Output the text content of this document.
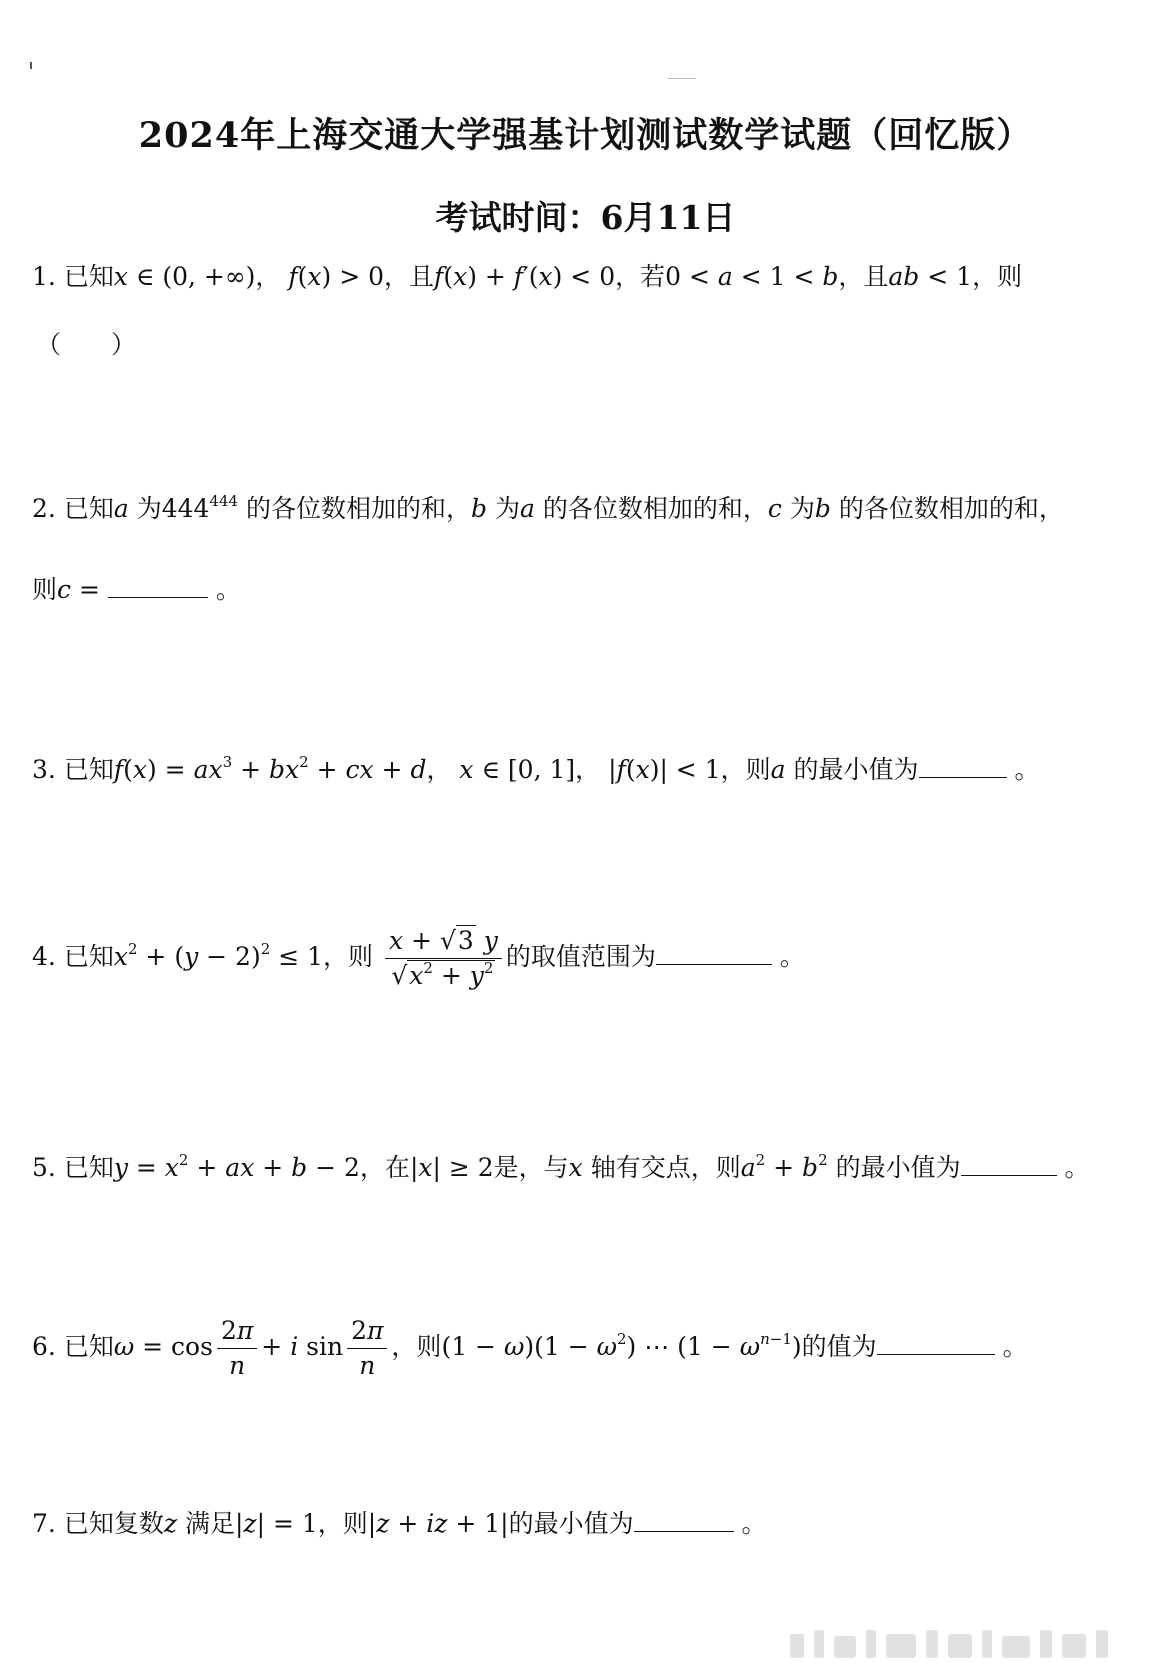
2024年上海交通大学强基计划测试数学试题（回忆版）
考试时间：6月11日
1. 已知x ∈ (0, +∞)， f(x) > 0，且f(x) + f′(x) < 0，若0 < a < 1 < b，且ab < 1，则
（　　）
2. 已知a 为$444^{444}$ 的各位数相加的和，b 为a 的各位数相加的和，c 为b 的各位数相加的和，
则c =	。
3. 已知$f(x) = ax^3 + bx^2$ + cx + d， x ∈ [0, 1]， |f(x)| < 1，则a 的最小值为	。
4. 已知$x^2 + (y - 2)^2 \le 1$，则 $\frac{x + √3 y}{√x^2 + y^2}$ 的取值范围为	。
5. 已知$y = x^2$ + ax + b − 2，在|x| ≥ 2是，与x 轴有交点，则$a^2 + b^2$ 的最小值为	。
6. 已知$\omega = \cos \frac{2\pi}{n} + i$ $\sin \frac{2\pi}{n}$ ，则$(1 - \omega)(1 - \omega^2)$ ⋯ $(1 - \omega^{n-1})$的值为	。
7. 已知复数z 满足|z| = 1，则|z + iz + 1|的最小值为	。
